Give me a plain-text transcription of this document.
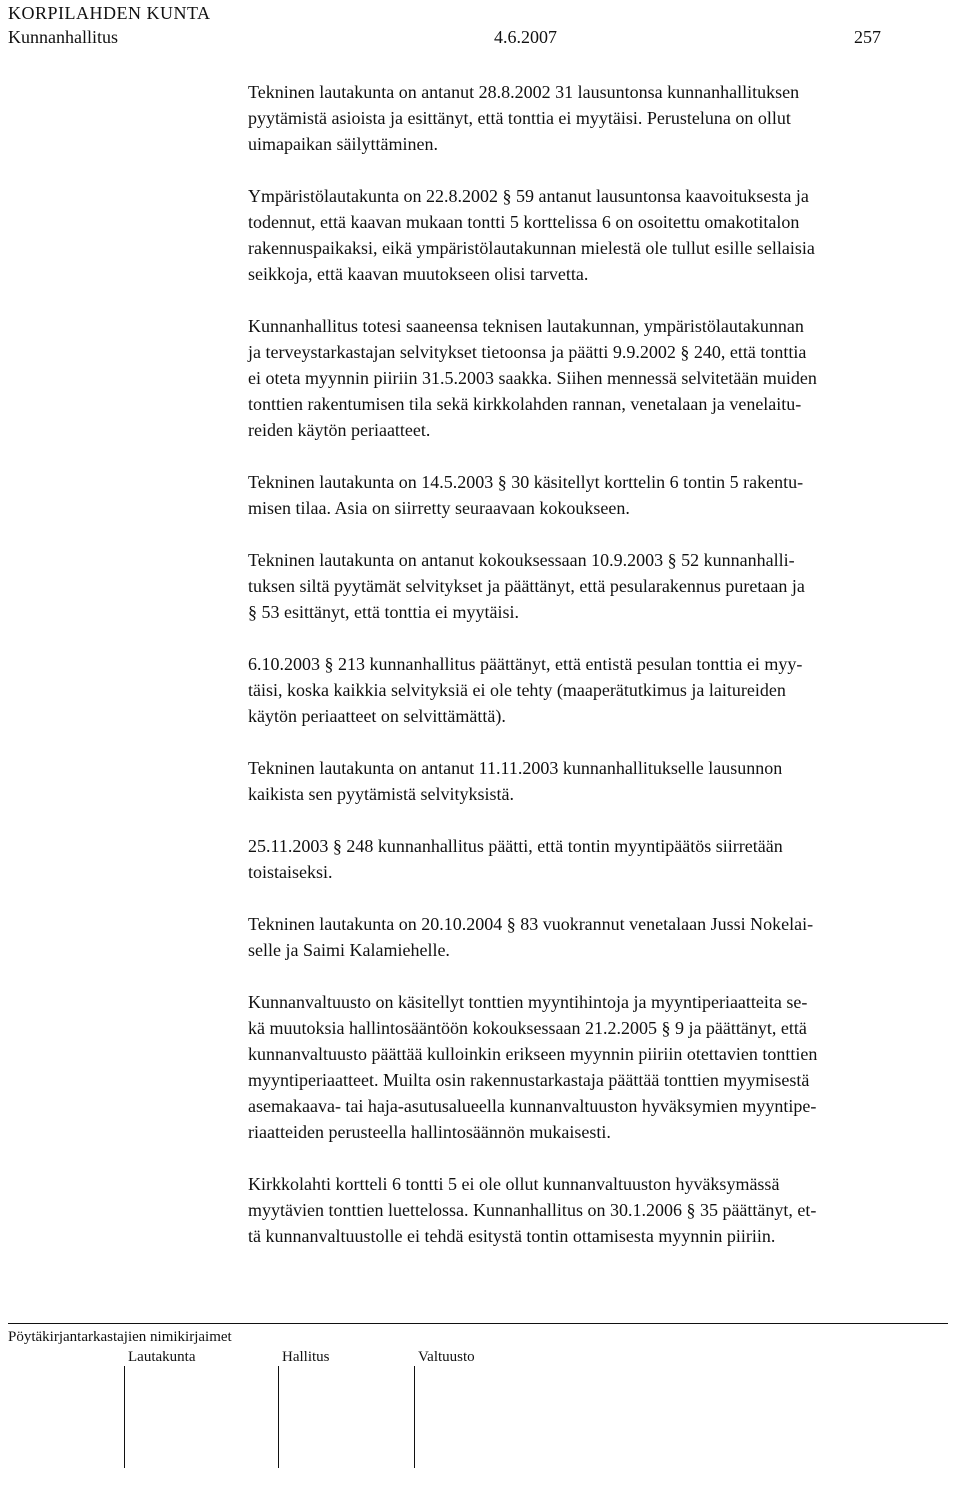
KORPILAHDEN KUNTA
Kunnanhallitus	4.6.2007	257

Tekninen lautakunta on antanut 28.8.2002 31 lausuntonsa kunnanhallituksen
pyytämistä asioista ja esittänyt, että tonttia ei myytäisi. Perusteluna on ollut
uimapaikan säilyttäminen.

Ympäristölautakunta on 22.8.2002 § 59 antanut lausuntonsa kaavoituksesta ja
todennut, että kaavan mukaan tontti 5 korttelissa 6 on osoitettu omakotitalon
rakennuspaikaksi, eikä ympäristölautakunnan mielestä ole tullut esille sellaisia
seikkoja, että kaavan muutokseen olisi tarvetta.

Kunnanhallitus totesi saaneensa teknisen lautakunnan, ympäristölautakunnan
ja terveystarkastajan selvitykset tietoonsa ja päätti 9.9.2002 § 240, että tonttia
ei oteta myynnin piiriin 31.5.2003 saakka. Siihen mennessä selvitetään muiden
tonttien rakentumisen tila sekä kirkkolahden rannan, venetalaan ja venelaitu-
reiden käytön periaatteet.

Tekninen lautakunta on 14.5.2003 § 30 käsitellyt korttelin 6 tontin 5 rakentu-
misen tilaa. Asia on siirretty seuraavaan kokoukseen.

Tekninen lautakunta on antanut kokouksessaan 10.9.2003 § 52 kunnanhalli-
tuksen siltä pyytämät selvitykset ja päättänyt, että pesularakennus puretaan ja
§ 53 esittänyt, että tonttia ei myytäisi.

6.10.2003 § 213 kunnanhallitus päättänyt, että entistä pesulan tonttia ei myy-
täisi, koska kaikkia selvityksiä ei ole tehty (maaperätutkimus ja laitureiden
käytön periaatteet on selvittämättä).

Tekninen lautakunta on antanut 11.11.2003 kunnanhallitukselle lausunnon
kaikista sen pyytämistä selvityksistä.

25.11.2003 § 248 kunnanhallitus päätti, että tontin myyntipäätös siirretään
toistaiseksi.

Tekninen lautakunta on 20.10.2004 § 83 vuokrannut venetalaan Jussi Nokelai-
selle ja Saimi Kalamiehelle.

Kunnanvaltuusto on käsitellyt tonttien myyntihintoja ja myyntiperiaatteita se-
kä muutoksia hallintosääntöön kokouksessaan 21.2.2005 § 9 ja päättänyt, että
kunnanvaltuusto päättää kulloinkin erikseen myynnin piiriin otettavien tonttien
myyntiperiaatteet. Muilta osin rakennustarkastaja päättää tonttien myymisestä
asemakaava- tai haja-asutusalueella kunnanvaltuuston hyväksymien myyntipe-
riaatteiden perusteella hallintosäännön mukaisesti.

Kirkkolahti kortteli 6 tontti 5 ei ole ollut kunnanvaltuuston hyväksymässä
myytävien tonttien luettelossa. Kunnanhallitus on 30.1.2006 § 35 päättänyt, et-
tä kunnanvaltuustolle ei tehdä esitystä tontin ottamisesta myynnin piiriin.

Pöytäkirjantarkastajien nimikirjaimet
Lautakunta	Hallitus	Valtuusto
